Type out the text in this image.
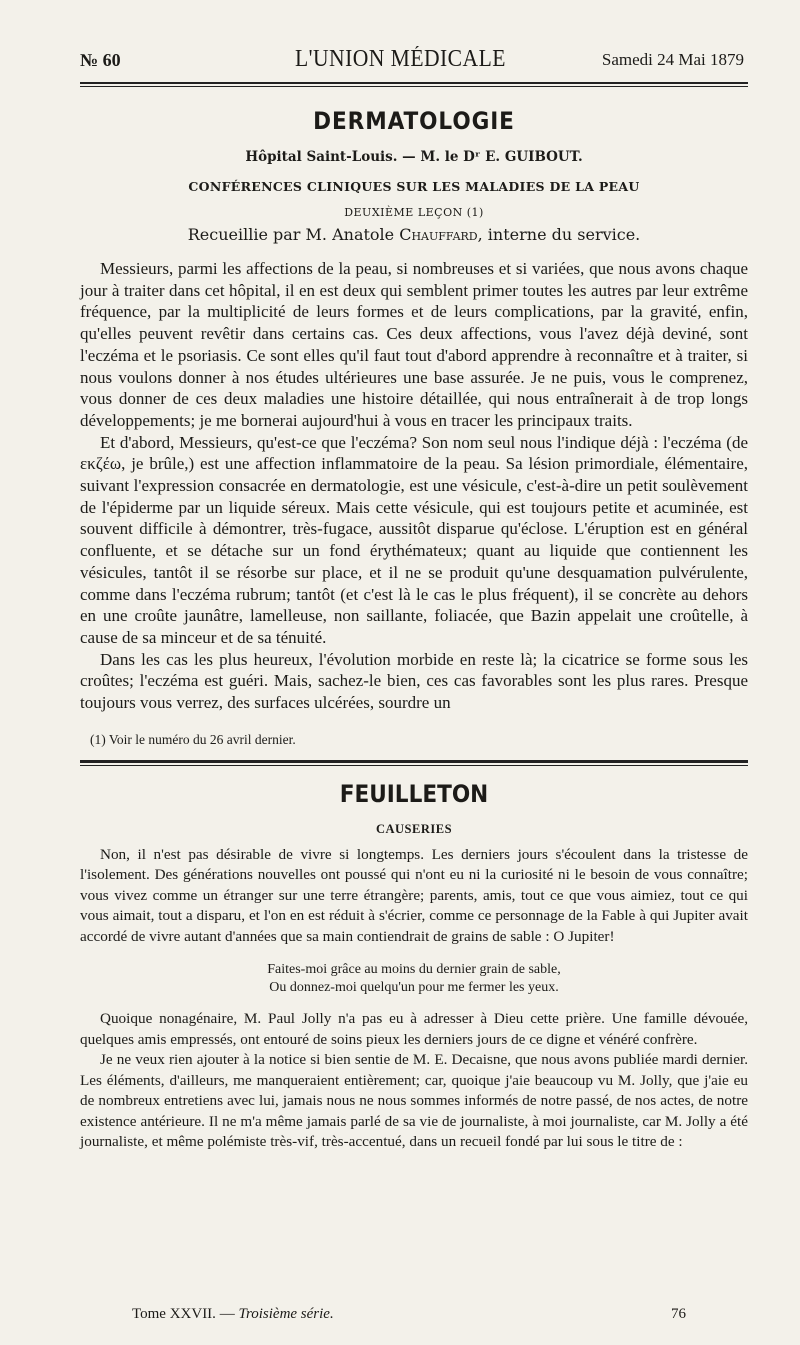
№ 60	L'UNION MÉDICALE	Samedi 24 Mai 1879
DERMATOLOGIE
Hôpital Saint-Louis. — M. le Dʳ E. GUIBOUT.
CONFÉRENCES CLINIQUES SUR LES MALADIES DE LA PEAU
DEUXIÈME LEÇON (1)
Recueillie par M. Anatole Chauffard, interne du service.

Messieurs, parmi les affections de la peau, si nombreuses et si variées, que nous avons chaque jour à traiter dans cet hôpital, il en est deux qui semblent primer toutes les autres par leur extrême fréquence, par la multiplicité de leurs formes et de leurs complications, par la gravité, enfin, qu'elles peuvent revêtir dans certains cas. Ces deux affections, vous l'avez déjà deviné, sont l'eczéma et le psoriasis. Ce sont elles qu'il faut tout d'abord apprendre à reconnaître et à traiter, si nous voulons donner à nos études ultérieures une base assurée. Je ne puis, vous le comprenez, vous donner de ces deux maladies une histoire détaillée, qui nous entraînerait à de trop longs développements; je me bornerai aujourd'hui à vous en tracer les principaux traits.

Et d'abord, Messieurs, qu'est-ce que l'eczéma? Son nom seul nous l'indique déjà : l'eczéma (de εκζέω, je brûle,) est une affection inflammatoire de la peau. Sa lésion primordiale, élémentaire, suivant l'expression consacrée en dermatologie, est une vésicule, c'est-à-dire un petit soulèvement de l'épiderme par un liquide séreux. Mais cette vésicule, qui est toujours petite et acuminée, est souvent difficile à démontrer, très-fugace, aussitôt disparue qu'éclose. L'éruption est en général confluente, et se détache sur un fond érythémateux; quant au liquide que contiennent les vésicules, tantôt il se résorbe sur place, et il ne se produit qu'une desquamation pulvérulente, comme dans l'eczéma rubrum; tantôt (et c'est là le cas le plus fréquent), il se concrète au dehors en une croûte jaunâtre, lamelleuse, non saillante, foliacée, que Bazin appelait une croûtelle, à cause de sa minceur et de sa ténuité.

Dans les cas les plus heureux, l'évolution morbide en reste là; la cicatrice se forme sous les croûtes; l'eczéma est guéri. Mais, sachez-le bien, ces cas favorables sont les plus rares. Presque toujours vous verrez, des surfaces ulcérées, sourdre un

(1) Voir le numéro du 26 avril dernier.
FEUILLETON
CAUSERIES

Non, il n'est pas désirable de vivre si longtemps. Les derniers jours s'écoulent dans la tristesse de l'isolement. Des générations nouvelles ont poussé qui n'ont eu ni la curiosité ni le besoin de vous connaître; vous vivez comme un étranger sur une terre étrangère; parents, amis, tout ce que vous aimiez, tout ce qui vous aimait, tout a disparu, et l'on en est réduit à s'écrier, comme ce personnage de la Fable à qui Jupiter avait accordé de vivre autant d'années que sa main contiendrait de grains de sable : O Jupiter!

Faites-moi grâce au moins du dernier grain de sable,
Ou donnez-moi quelqu'un pour me fermer les yeux.

Quoique nonagénaire, M. Paul Jolly n'a pas eu à adresser à Dieu cette prière. Une famille dévouée, quelques amis empressés, ont entouré de soins pieux les derniers jours de ce digne et vénéré confrère.

Je ne veux rien ajouter à la notice si bien sentie de M. E. Decaisne, que nous avons publiée mardi dernier. Les éléments, d'ailleurs, me manqueraient entièrement; car, quoique j'aie beaucoup vu M. Jolly, que j'aie eu de nombreux entretiens avec lui, jamais nous ne nous sommes informés de notre passé, de nos actes, de notre existence antérieure. Il ne m'a même jamais parlé de sa vie de journaliste, à moi journaliste, car M. Jolly a été journaliste, et même polémiste très-vif, très-accentué, dans un recueil fondé par lui sous le titre de :

Tome XXVII. — Troisième série.	76
